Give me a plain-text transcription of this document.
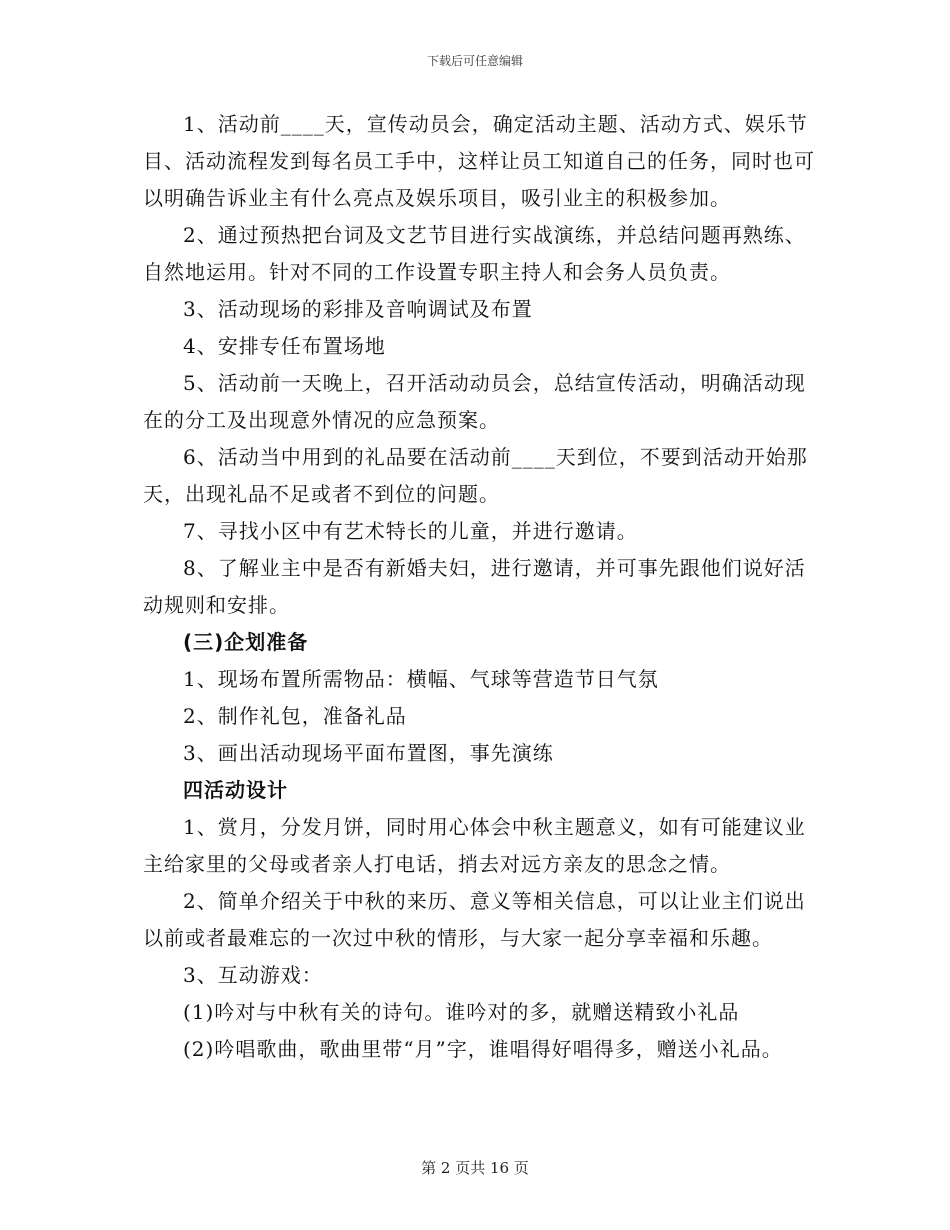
下载后可任意编辑

1、活动前____天，宣传动员会，确定活动主题、活动方式、娱乐节目、活动流程发到每名员工手中，这样让员工知道自己的任务，同时也可以明确告诉业主有什么亮点及娱乐项目，吸引业主的积极参加。

2、通过预热把台词及文艺节目进行实战演练，并总结问题再熟练、自然地运用。针对不同的工作设置专职主持人和会务人员负责。

3、活动现场的彩排及音响调试及布置

4、安排专任布置场地

5、活动前一天晚上，召开活动动员会，总结宣传活动，明确活动现在的分工及出现意外情况的应急预案。

6、活动当中用到的礼品要在活动前____天到位，不要到活动开始那天，出现礼品不足或者不到位的问题。

7、寻找小区中有艺术特长的儿童，并进行邀请。

8、了解业主中是否有新婚夫妇，进行邀请，并可事先跟他们说好活动规则和安排。

(三)企划准备

1、现场布置所需物品：横幅、气球等营造节日气氛

2、制作礼包，准备礼品

3、画出活动现场平面布置图，事先演练

四活动设计

1、赏月，分发月饼，同时用心体会中秋主题意义，如有可能建议业主给家里的父母或者亲人打电话，捎去对远方亲友的思念之情。

2、简单介绍关于中秋的来历、意义等相关信息，可以让业主们说出以前或者最难忘的一次过中秋的情形，与大家一起分享幸福和乐趣。

3、互动游戏：

(1)吟对与中秋有关的诗句。谁吟对的多，就赠送精致小礼品

(2)吟唱歌曲，歌曲里带“月”字，谁唱得好唱得多，赠送小礼品。

第 2 页共 16 页
